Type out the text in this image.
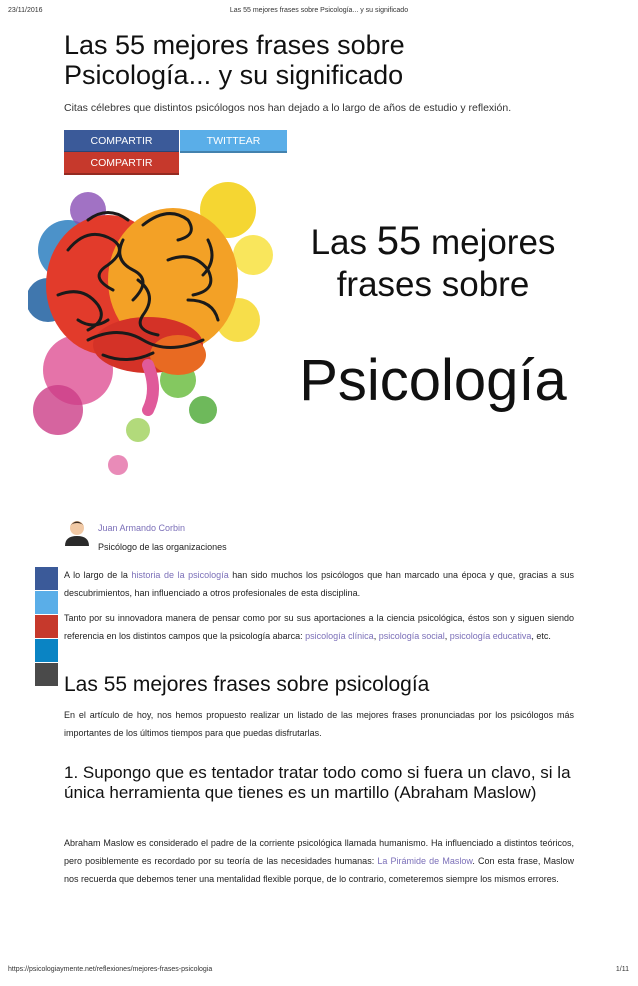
23/11/2016	Las 55 mejores frases sobre Psicología... y su significado
Las 55 mejores frases sobre
Psicología... y su significado

Citas célebres que distintos psicólogos nos han dejado a lo largo de años de estudio y reflexión.

COMPARTIR	TWITTEAR
COMPARTIR
Las 55 mejores
frases sobre
Psicología
Juan Armando Corbin
Psicólogo de las organizaciones

A lo largo de la historia de la psicología han sido muchos los psicólogos que han marcado una época y que, gracias a sus descubrimientos, han influenciado a otros profesionales de esta disciplina.

Tanto por su innovadora manera de pensar como por su sus aportaciones a la ciencia psicológica, éstos son y siguen siendo referencia en los distintos campos que la psicología abarca: psicología clínica, psicología social, psicología educativa, etc.

Las 55 mejores frases sobre psicología

En el artículo de hoy, nos hemos propuesto realizar un listado de las mejores frases pronunciadas por los psicólogos más importantes de los últimos tiempos para que puedas disfrutarlas.

1. Supongo que es tentador tratar todo como si fuera un clavo, si la única herramienta que tienes es un martillo (Abraham Maslow)

Abraham Maslow es considerado el padre de la corriente psicológica llamada humanismo. Ha influenciado a distintos teóricos, pero posiblemente es recordado por su teoría de las necesidades humanas: La Pirámide de Maslow. Con esta frase, Maslow nos recuerda que debemos tener una mentalidad flexible porque, de lo contrario, cometeremos siempre los mismos errores.

https://psicologiaymente.net/reflexiones/mejores-frases-psicologia	1/11
